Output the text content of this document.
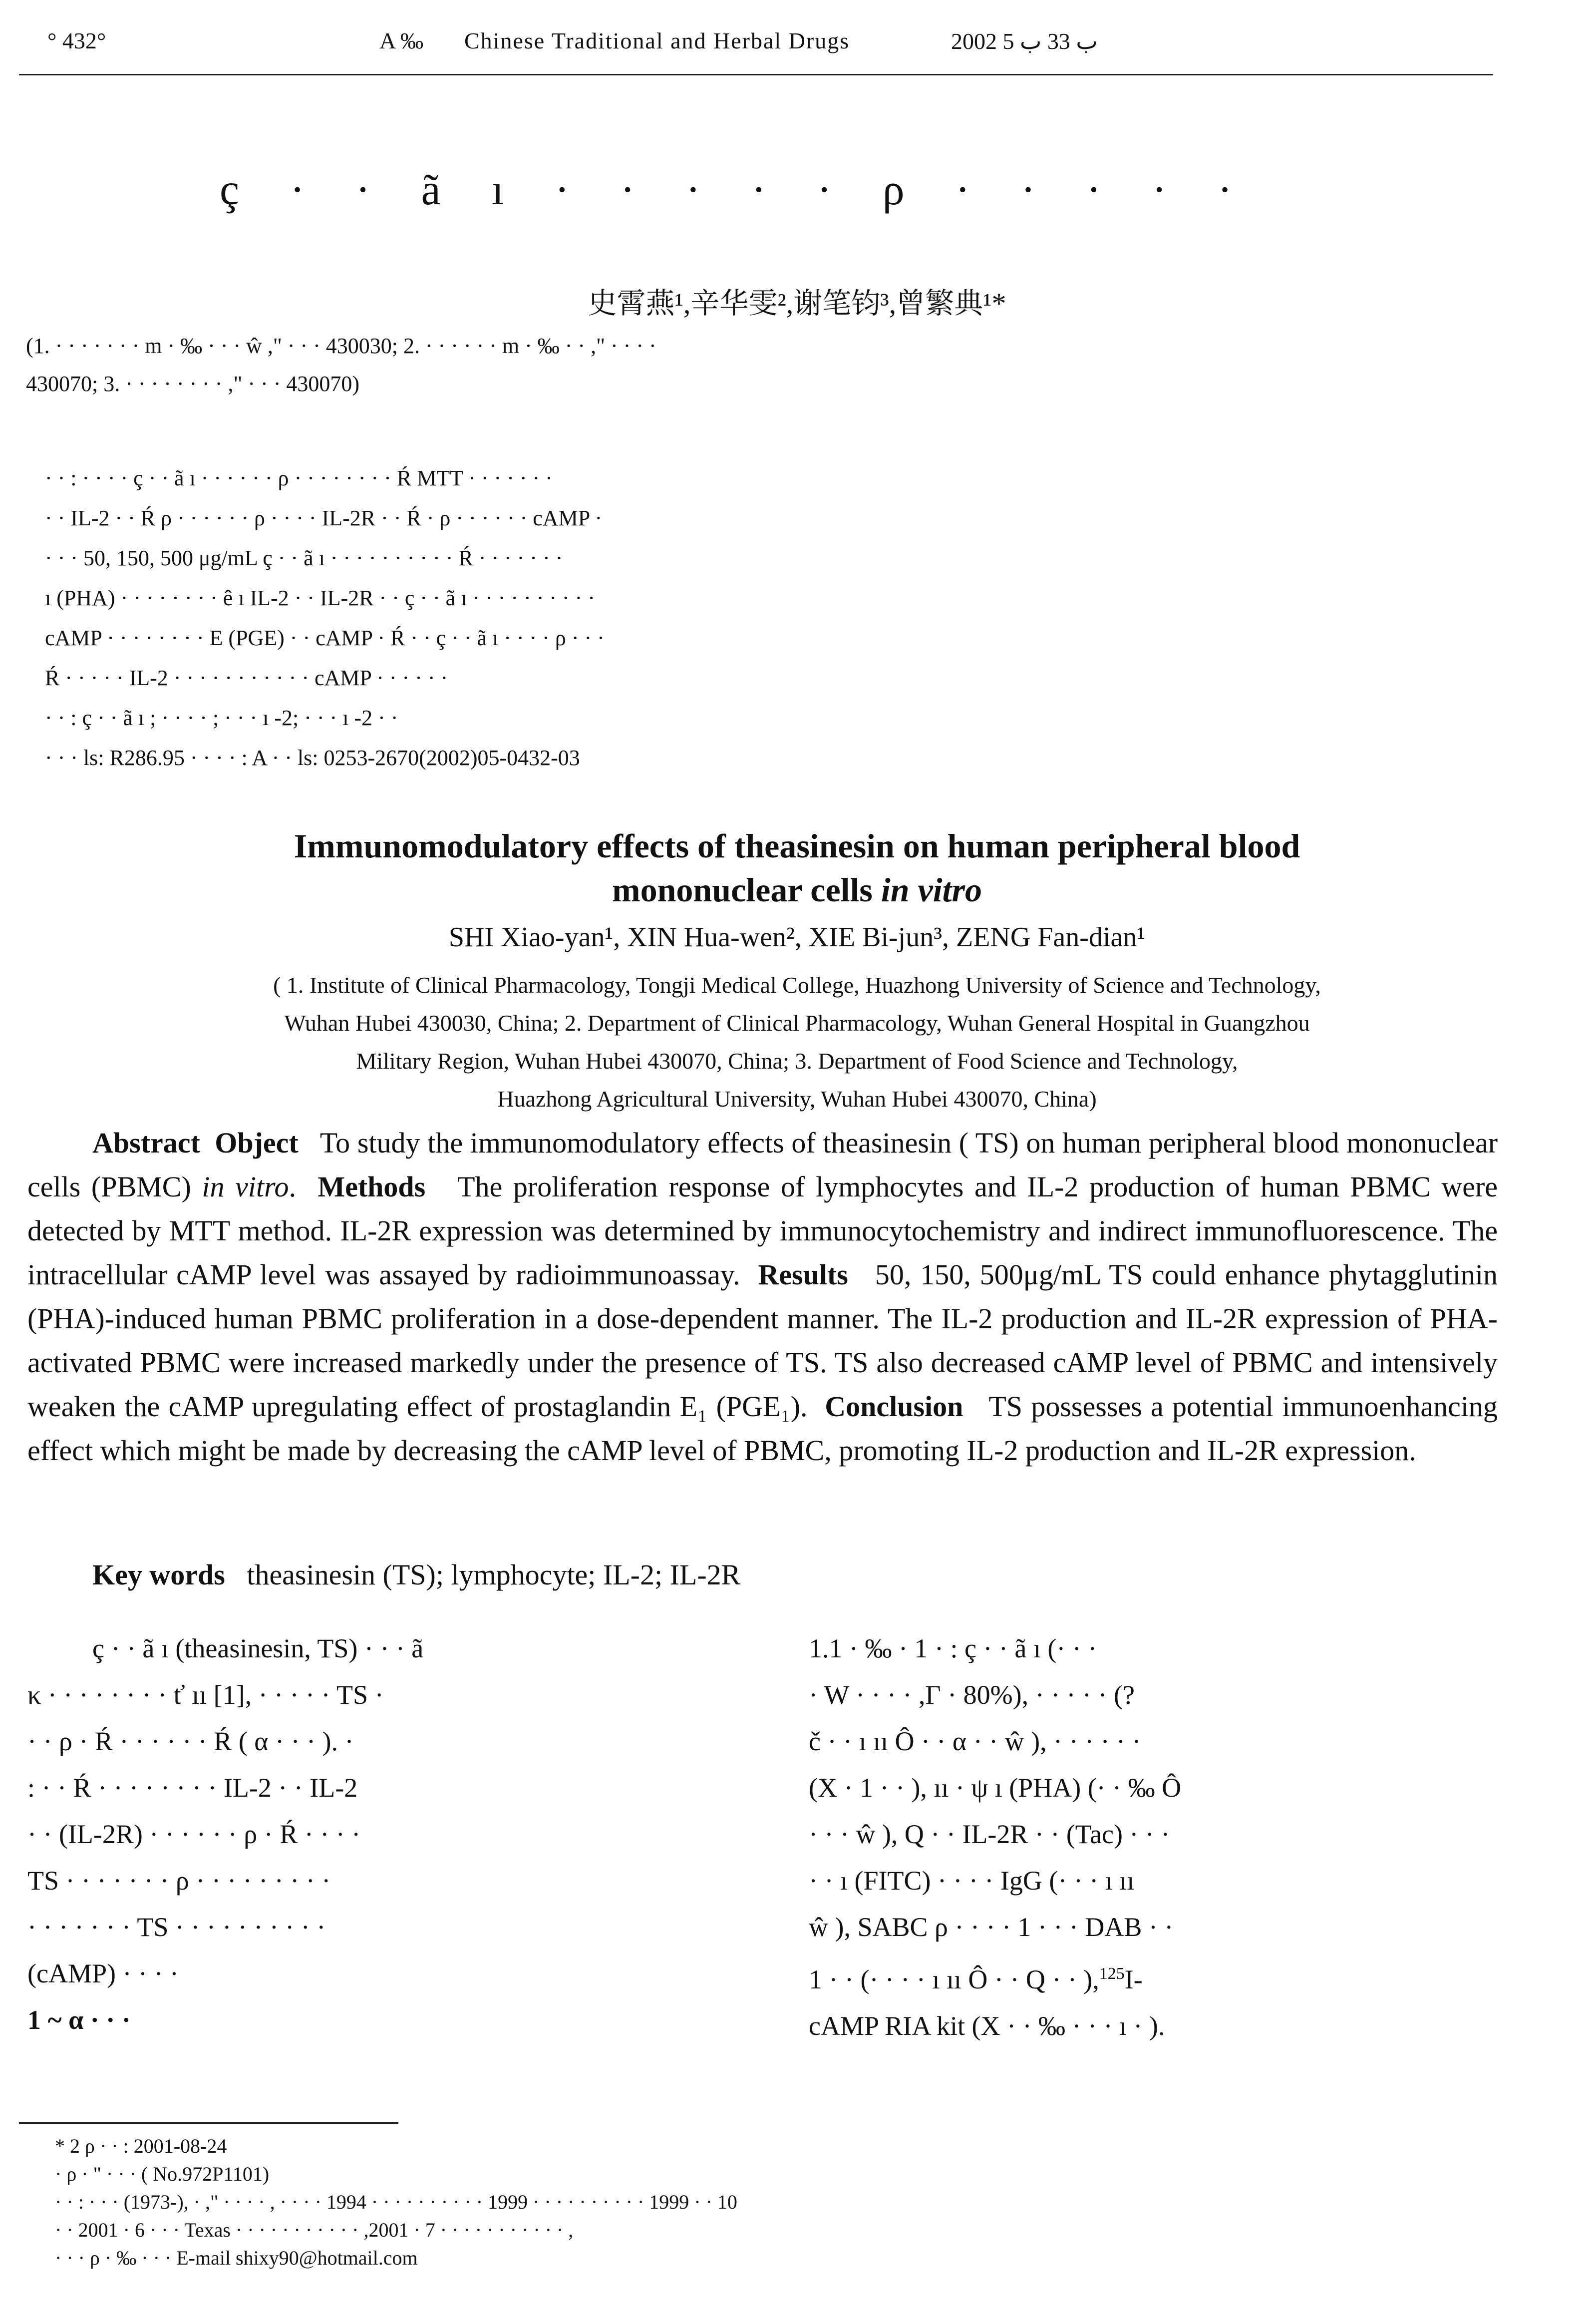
° 432°	A ‰ Chinese Traditional and Herbal Drugs	2002 ب 33 ب 5
ç · · ã ı · · · · · ρ · · · · ·
史霄燕¹,辛华雯²,谢笔钧³,曾繁典¹*
(1. · · · · · · · m · ‰ · · · ŵ ," · · · 430030; 2. · · · · · · m · ‰ · · ," · · · ·
430070; 3. · · · · · · · · ," · · · 430070)
· · : · · · · ç · · ã ı · · · · · · ρ · · · · · · · · Ŕ MTT · · · · · · ·
· · IL-2 · · Ŕ ρ · · · · · · ρ · · · · IL-2R · · Ŕ · ρ · · · · · · cAMP ·
· · · 50, 150, 500 μg/mL ç · · ã ı · · · · · · · · · · Ŕ · · · · · · ·
ı (PHA) · · · · · · · · ê ı IL-2 · · IL-2R · · ç · · ã ı · · · · · · · · · ·
cAMP · · · · · · · · E (PGE) · · cAMP · Ŕ · · ç · · ã ı · · · · ρ · · ·
Ŕ · · · · · IL-2 · · · · · · · · · · · cAMP · · · · · ·
· · : ç · · ã ı ; · · · · ; · · · ı -2; · · · ı -2 · ·
· · · ls: R286.95 · · · · : A · · ls: 0253-2670(2002)05-0432-03
Immunomodulatory effects of theasinesin on human peripheral blood
mononuclear cells in vitro
SHI Xiao-yan¹, XIN Hua-wen², XIE Bi-jun³, ZENG Fan-dian¹
( 1. Institute of Clinical Pharmacology, Tongji Medical College, Huazhong University of Science and Technology,
Wuhan Hubei 430030, China; 2. Department of Clinical Pharmacology, Wuhan General Hospital in Guangzhou
Military Region, Wuhan Hubei 430070, China; 3. Department of Food Science and Technology,
Huazhong Agricultural University, Wuhan Hubei 430070, China)
Abstract Object To study the immunomodulatory effects of theasinesin ( TS) on human peripheral blood mononuclear cells (PBMC) in vitro.  Methods The proliferation response of lymphocytes and IL-2 production of human PBMC were detected by MTT method. IL-2R expression was determined by immunocytochemistry and indirect immunofluorescence. The intracellular cAMP level was assayed by radioimmunoassay. Results 50, 150, 500μg/mL TS could enhance phytagglutinin (PHA)-induced human PBMC proliferation in a dose-dependent manner. The IL-2 production and IL-2R expression of PHA-activated PBMC were increased markedly under the presence of TS. TS also decreased cAMP level of PBMC and intensively weaken the cAMP upregulating effect of prostaglandin E₁ (PGE₁). Conclusion TS possesses a potential immunoenhancing effect which might be made by decreasing the cAMP level of PBMC, promoting IL-2 production and IL-2R expression.
Key words theasinesin (TS); lymphocyte; IL-2; IL-2R
ç · · ã ı (theasinesin, TS) · · · ã
κ · · · · · · · · ť ıı [1], · · · · · TS ·
· · ρ · Ŕ · · · · · · Ŕ ( α · · · ). ·
: · · Ŕ · · · · · · · · IL-2 · · IL-2
· · (IL-2R) · · · · · · ρ · Ŕ · · · ·
TS · · · · · · · ρ · · · · · · · · ·
· · · · · · · TS · · · · · · · · · ·
(cAMP) · · · ·
1 ~ α · · ·
1.1 · ‰ · 1 · : ç · · ã ı (· · ·
· W · · · · ,Γ · 80%), · · · · · (?
č · · ı ıı Ô · · α · · ŵ ), · · · · · ·
(X · 1 · · ), ıı · ψ ı (PHA) (· · ‰ Ô
· · · ŵ ), Q · · IL-2R · · (Tac) · · ·
· · ı (FITC) · · · · IgG (· · · ı ıı
ŵ ), SABC ρ · · · · 1 · · · DAB · ·
1 · · (· · · · ı ıı Ô · · Q · · ),$^{125}$I-
cAMP RIA kit (X · · ‰ · · · ı · ).
* 2 ρ · · : 2001-08-24
· ρ · " · · · ( No.972P1101)
· · : · · · (1973-), · ," · · · · , · · · · 1994 · · · · · · · · · · 1999 · · · · · · · · · · 1999 · · 10
· · 2001 · 6 · · · Texas · · · · · · · · · · · ,2001 · 7 · · · · · · · · · · · ,
· · · ρ · ‰ · · · E-mail shixy90@hotmail.com
